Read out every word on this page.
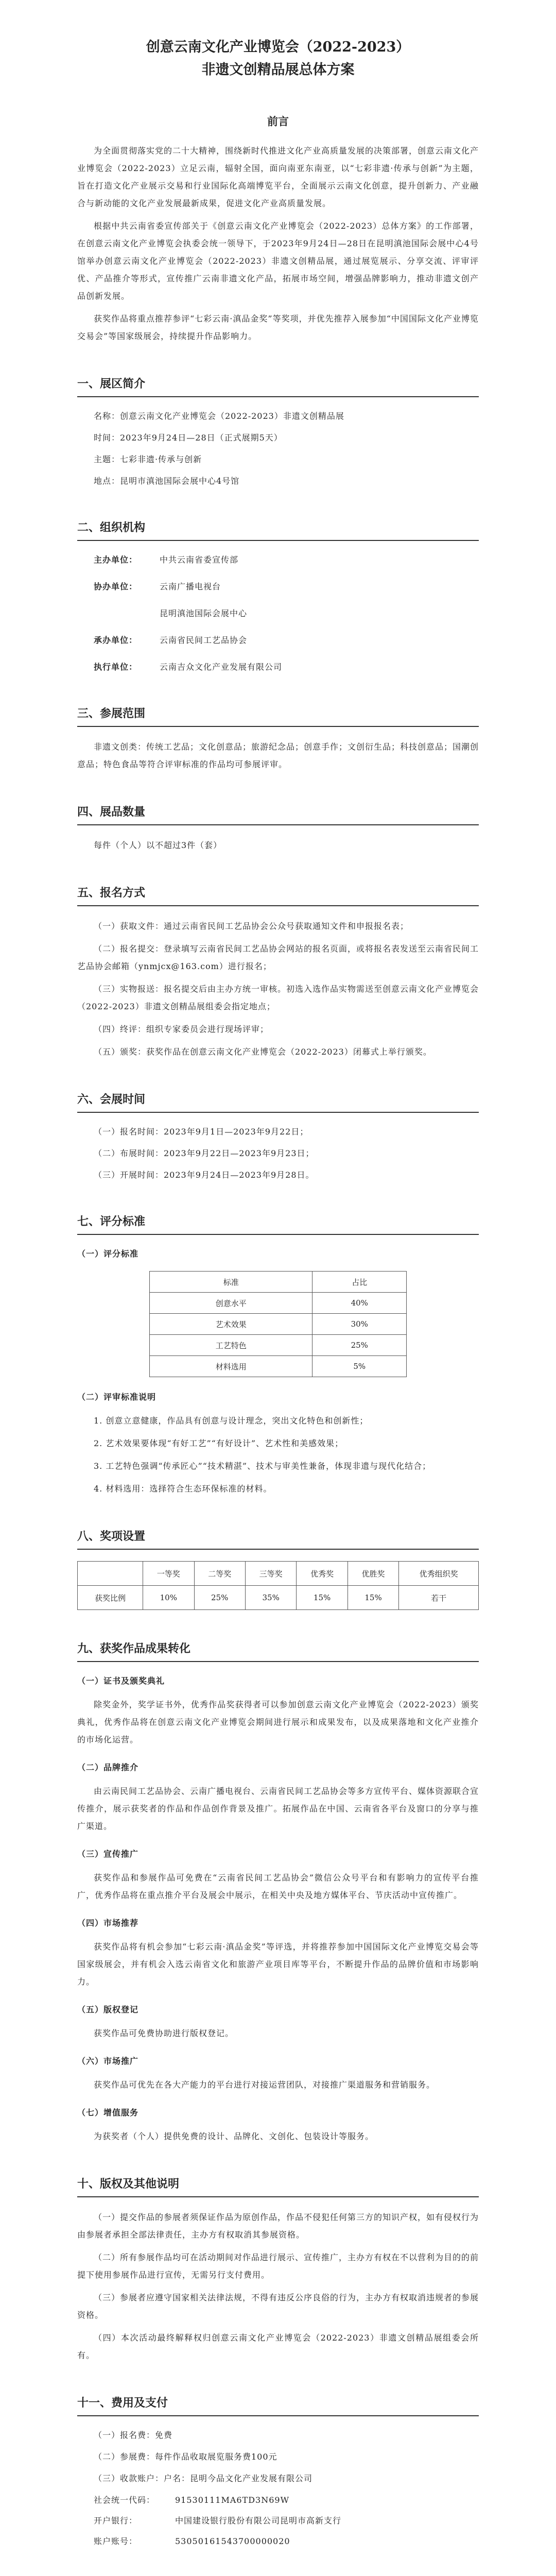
创意云南文化产业博览会（2022-2023）
非遗文创精品展总体方案
前言

为全面贯彻落实党的二十大精神，围绕新时代推进文化产业高质量发展的决策部署，创意云南文化产业博览会（2022-2023）立足云南，辐射全国，面向南亚东南亚，以“七彩非遗·传承与创新”为主题，旨在打造文化产业展示交易和行业国际化高端博览平台，全面展示云南文化创意，提升创新力、产业融合与新动能的文化产业发展最新成果，促进文化产业高质量发展。

根据中共云南省委宣传部关于《创意云南文化产业博览会（2022-2023）总体方案》的工作部署，在创意云南文化产业博览会执委会统一领导下，于2023年9月24日—28日在昆明滇池国际会展中心4号馆举办创意云南文化产业博览会（2022-2023）非遗文创精品展，通过展览展示、分享交流、评审评优、产品推介等形式，宣传推广云南非遗文化产品，拓展市场空间，增强品牌影响力，推动非遗文创产品创新发展。

获奖作品将重点推荐参评“七彩云南·滇品金奖”等奖项，并优先推荐入展参加“中国国际文化产业博览交易会”等国家级展会，持续提升作品影响力。

一、展区简介
名称：创意云南文化产业博览会（2022-2023）非遗文创精品展
时间：2023年9月24日—28日（正式展期5天）
主题：七彩非遗·传承与创新
地点：昆明市滇池国际会展中心4号馆
二、组织机构
主办单位：	中共云南省委宣传部
协办单位：	云南广播电视台
昆明滇池国际会展中心
承办单位：	云南省民间工艺品协会
执行单位：	云南吉众文化产业发展有限公司
三、参展范围

非遗文创类：传统工艺品；文化创意品；旅游纪念品；创意手作；文创衍生品；科技创意品；国潮创意品；特色食品等符合评审标准的作品均可参展评审。

四、展品数量

每件（个人）以不超过3件（套）

五、报名方式

（一）获取文件：通过云南省民间工艺品协会公众号获取通知文件和申报报名表；

（二）报名提交：登录填写云南省民间工艺品协会网站的报名页面，或将报名表发送至云南省民间工艺品协会邮箱（ynmjcx@163.com）进行报名；

（三）实物报送：报名提交后由主办方统一审核。初选入选作品实物需送至创意云南文化产业博览会（2022-2023）非遗文创精品展组委会指定地点；

（四）终评：组织专家委员会进行现场评审；

（五）颁奖：获奖作品在创意云南文化产业博览会（2022-2023）闭幕式上举行颁奖。

六、会展时间
（一）报名时间：2023年9月1日—2023年9月22日；
（二）布展时间：2023年9月22日—2023年9月23日；
（三）开展时间：2023年9月24日—2023年9月28日。
七、评分标准
（一）评分标准
标准	占比
创意水平	40%
艺术效果	30%
工艺特色	25%
材料选用	5%
（二）评审标准说明

1. 创意立意健康，作品具有创意与设计理念，突出文化特色和创新性；

2. 艺术效果要体现“有好工艺”“有好设计”、艺术性和美感效果；

3. 工艺特色强调“传承匠心”“技术精湛”、技术与审美性兼备，体现非遗与现代化结合；

4. 材料选用：选择符合生态环保标准的材料。

八、奖项设置
	一等奖	二等奖	三等奖	优秀奖	优胜奖	优秀组织奖
获奖比例	10%	25%	35%	15%	15%	若干
九、获奖作品成果转化
（一）证书及颁奖典礼

除奖金外，奖学证书外，优秀作品奖获得者可以参加创意云南文化产业博览会（2022-2023）颁奖典礼，优秀作品将在创意云南文化产业博览会期间进行展示和成果发布，以及成果落地和文化产业推介的市场化运营。

（二）品牌推介

由云南民间工艺品协会、云南广播电视台、云南省民间工艺品协会等多方宣传平台、媒体资源联合宣传推介，展示获奖者的作品和作品创作背景及推广。拓展作品在中国、云南省各平台及窗口的分享与推广渠道。

（三）宣传推广

获奖作品和参展作品可免费在“云南省民间工艺品协会”微信公众号平台和有影响力的宣传平台推广，优秀作品将在重点推介平台及展会中展示，在相关中央及地方媒体平台、节庆活动中宣传推广。

（四）市场推荐

获奖作品将有机会参加“七彩云南·滇品金奖”等评选，并将推荐参加中国国际文化产业博览交易会等国家级展会，并有机会入选云南省文化和旅游产业项目库等平台，不断提升作品的品牌价值和市场影响力。

（五）版权登记

获奖作品可免费协助进行版权登记。

（六）市场推广

获奖作品可优先在各大产能力的平台进行对接运营团队，对接推广渠道服务和营销服务。

（七）增值服务

为获奖者（个人）提供免费的设计、品牌化、文创化、包装设计等服务。

十、版权及其他说明

（一）提交作品的参展者须保证作品为原创作品，作品不侵犯任何第三方的知识产权，如有侵权行为由参展者承担全部法律责任，主办方有权取消其参展资格。

（二）所有参展作品均可在活动期间对作品进行展示、宣传推广，主办方有权在不以营利为目的的前提下使用参展作品进行宣传，无需另行支付费用。

（三）参展者应遵守国家相关法律法规，不得有违反公序良俗的行为，主办方有权取消违规者的参展资格。

（四）本次活动最终解释权归创意云南文化产业博览会（2022-2023）非遗文创精品展组委会所有。

十一、费用及支付
（一）报名费：免费
（二）参展费：每件作品收取展览服务费100元
（三）收款账户：户名：昆明今品文化产业发展有限公司
社会统一代码：	91530111MA6TD3N69W
开户银行：	中国建设银行股份有限公司昆明市高新支行
账户账号：	53050161543700000020
